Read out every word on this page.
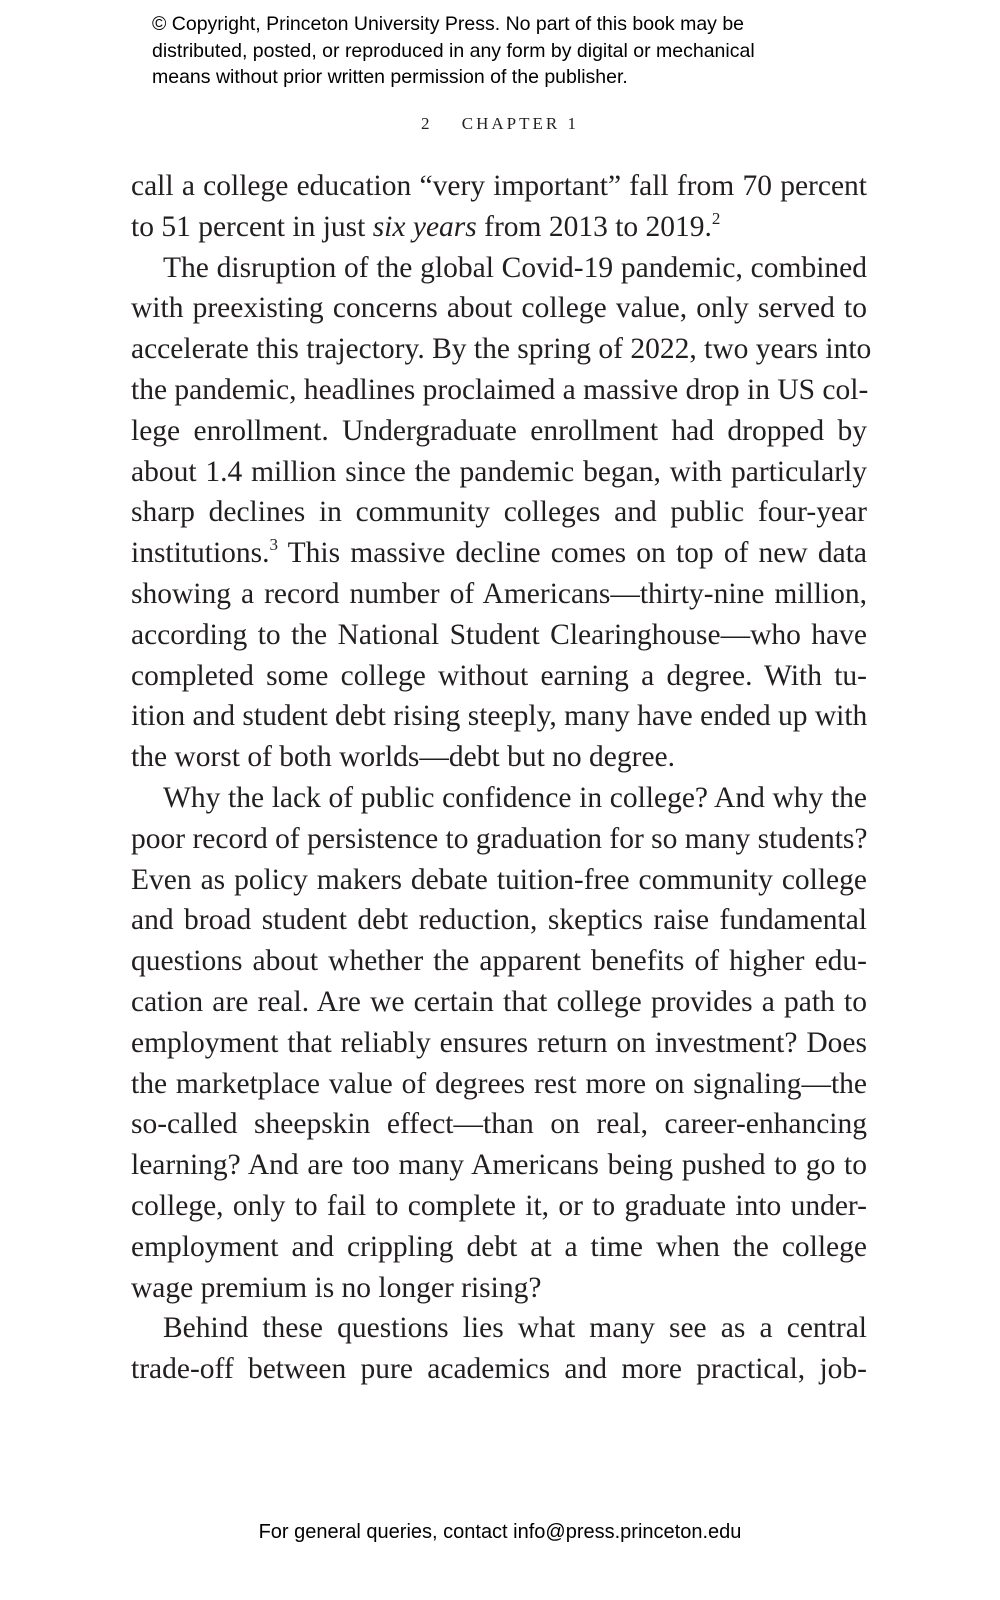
© Copyright, Princeton University Press. No part of this book may be
distributed, posted, or reproduced in any form by digital or mechanical
means without prior written permission of the publisher.
2 CHAPTER 1
call a college education “very important” fall from 70 percent
to 51 percent in just six years from 2013 to 2019.$^2$
The disruption of the global Covid-19 pandemic, combined
with preexisting concerns about college value, only served to
accelerate this trajectory. By the spring of 2022, two years into
the pandemic, headlines proclaimed a massive drop in US col-
lege enrollment. Undergraduate enrollment had dropped by
about 1.4 million since the pandemic began, with particularly
sharp declines in community colleges and public four-year
institutions.$^3$ This massive decline comes on top of new data
showing a record number of Americans—thirty-nine million,
according to the National Student Clearinghouse—who have
completed some college without earning a degree. With tu-
ition and student debt rising steeply, many have ended up with
the worst of both worlds—debt but no degree.
Why the lack of public confidence in college? And why the
poor record of persistence to graduation for so many students?
Even as policy makers debate tuition-free community college
and broad student debt reduction, skeptics raise fundamental
questions about whether the apparent benefits of higher edu-
cation are real. Are we certain that college provides a path to
employment that reliably ensures return on investment? Does
the marketplace value of degrees rest more on signaling—the
so-called sheepskin effect—than on real, career-enhancing
learning? And are too many Americans being pushed to go to
college, only to fail to complete it, or to graduate into under-
employment and crippling debt at a time when the college
wage premium is no longer rising?
Behind these questions lies what many see as a central
trade-off between pure academics and more practical, job-
For general queries, contact info@press.princeton.edu
